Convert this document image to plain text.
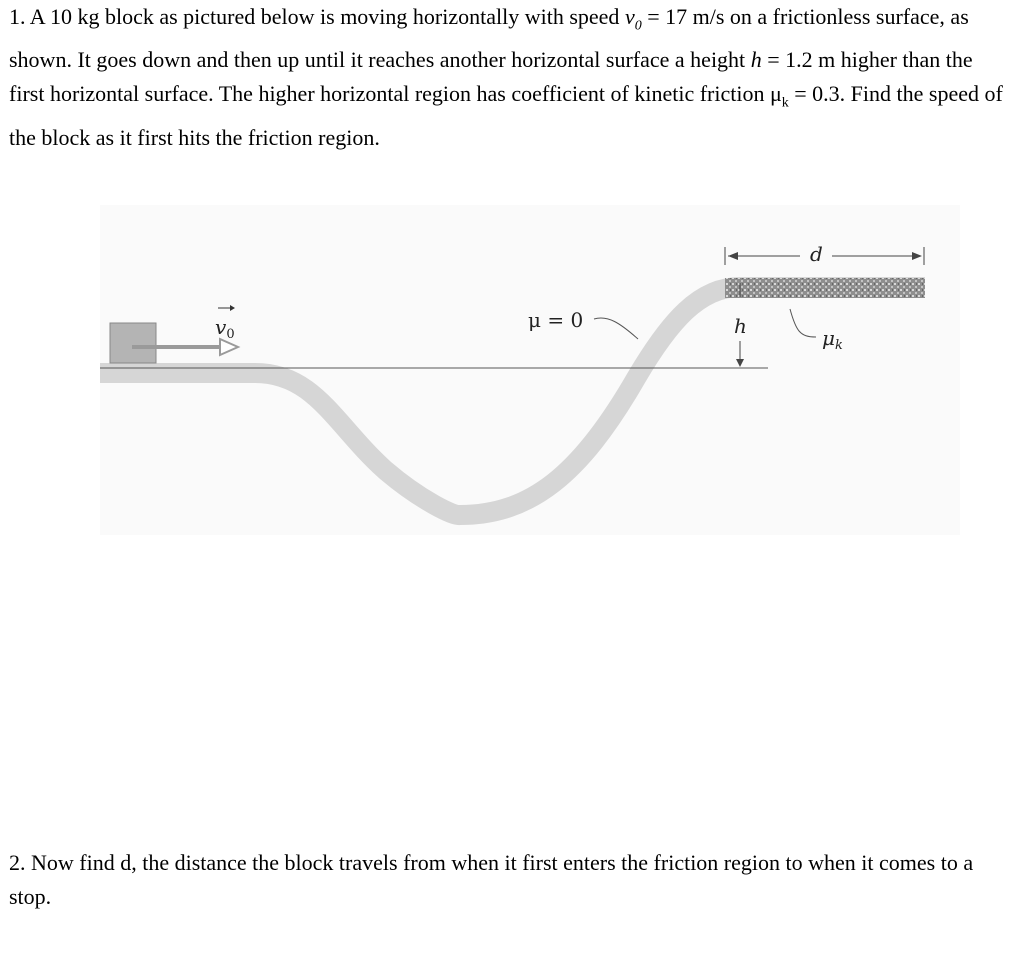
1. A 10 kg block as pictured below is moving horizontally with speed $v_0 = 17$ m/s on a frictionless surface, as shown. It goes down and then up until it reaches another horizontal surface a height h = 1.2 m higher than the first horizontal surface. The higher horizontal region has coefficient of kinetic friction $\mu_k = 0.3$. Find the speed of the block as it first hits the friction region.
$v_0$
μ = 0	h
d
$\mu_k$
2. Now find d, the distance the block travels from when it first enters the friction region to when it comes to a stop.
